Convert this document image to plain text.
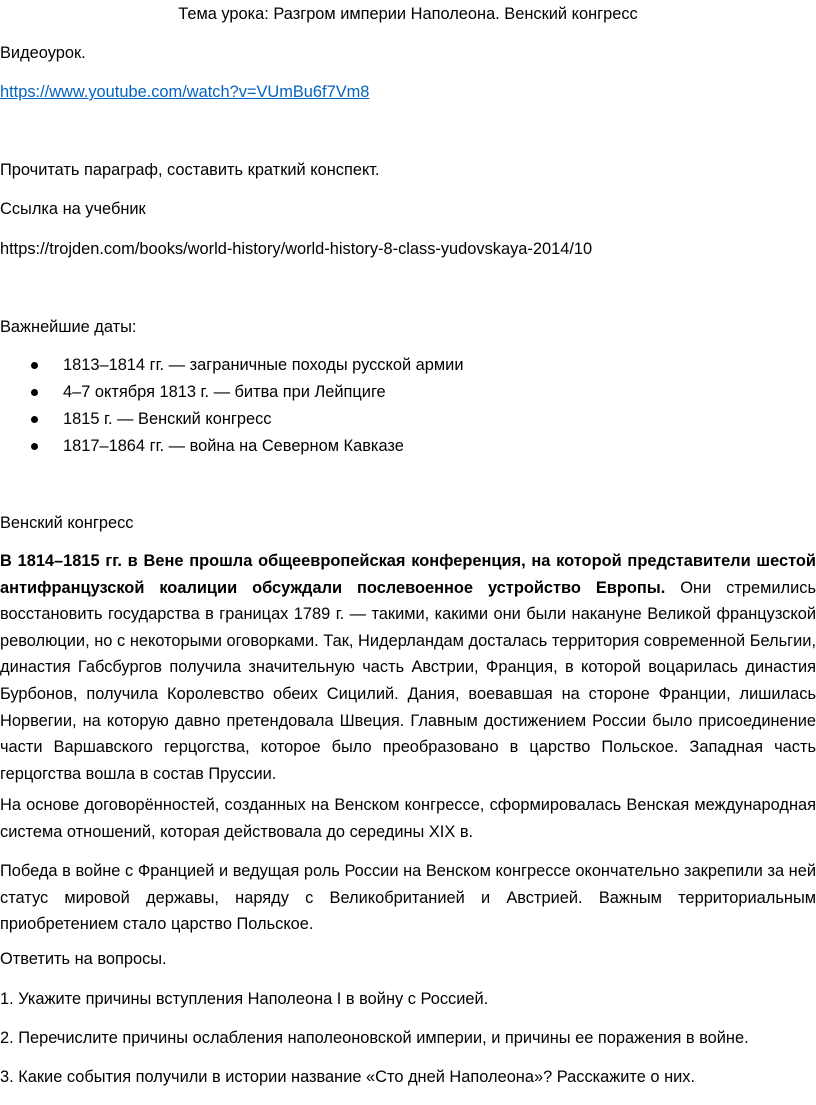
Тема урока: Разгром империи Наполеона. Венский конгресс
Видеоурок.
https://www.youtube.com/watch?v=VUmBu6f7Vm8
Прочитать параграф, составить краткий конспект.
Ссылка на учебник
https://trojden.com/books/world-history/world-history-8-class-yudovskaya-2014/10
Важнейшие даты:
1813–1814 гг. — заграничные походы русской армии
4–7 октября 1813 г. — битва при Лейпциге
1815 г. — Венский конгресс
1817–1864 гг. — война на Северном Кавказе
Венский конгресс
В 1814–1815 гг. в Вене прошла общеевропейская конференция, на которой представители шестой антифранцузской коалиции обсуждали послевоенное устройство Европы. Они стремились восстановить государства в границах 1789 г. — такими, какими они были накануне Великой французской революции, но с некоторыми оговорками. Так, Нидерландам досталась территория современной Бельгии, династия Габсбургов получила значительную часть Австрии, Франция, в которой воцарилась династия Бурбонов, получила Королевство обеих Сицилий. Дания, воевавшая на стороне Франции, лишилась Норвегии, на которую давно претендовала Швеция. Главным достижением России было присоединение части Варшавского герцогства, которое было преобразовано в царство Польское. Западная часть герцогства вошла в состав Пруссии.
На основе договорённостей, созданных на Венском конгрессе, сформировалась Венская международная система отношений, которая действовала до середины XIX в.
Победа в войне с Францией и ведущая роль России на Венском конгрессе окончательно закрепили за ней статус мировой державы, наряду с Великобританией и Австрией. Важным территориальным приобретением стало царство Польское.
Ответить на вопросы.
1. Укажите причины вступления Наполеона I в войну с Россией.
2. Перечислите причины ослабления наполеоновской империи, и причины ее поражения в войне.
3. Какие события получили в истории название «Сто дней Наполеона»? Расскажите о них.
